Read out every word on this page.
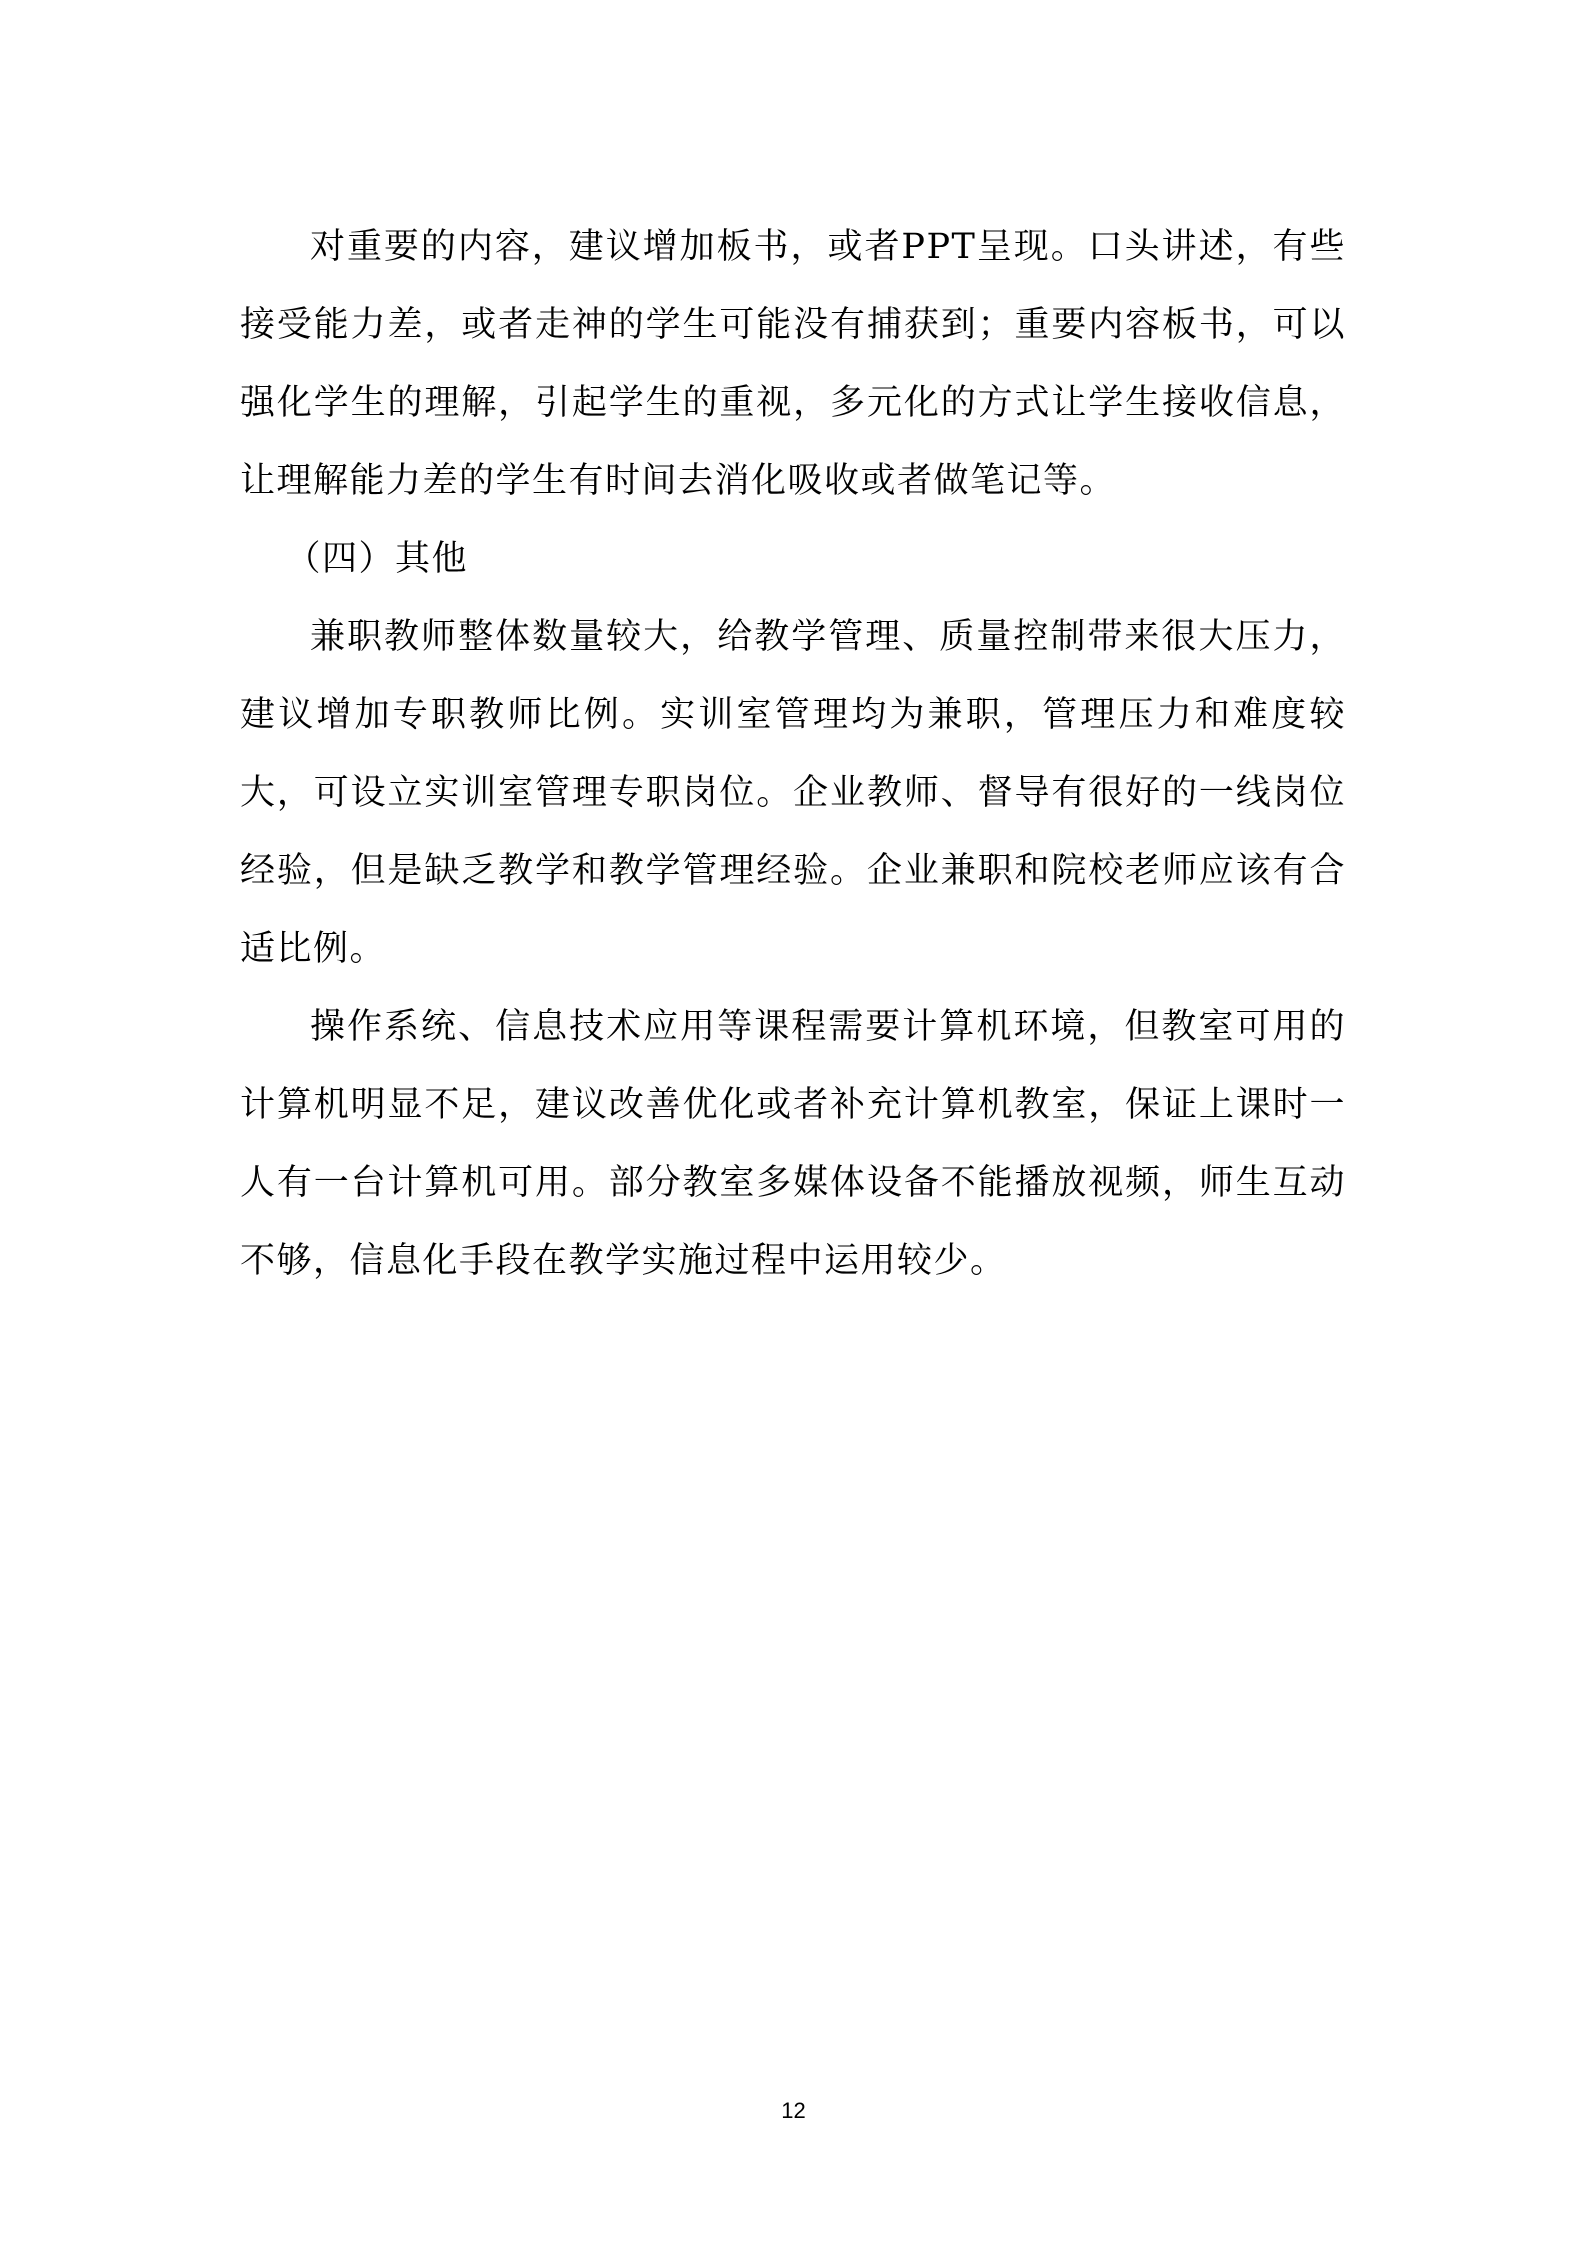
对重要的内容，建议增加板书，或者PPT呈现。口头讲述，有些接受能力差，或者走神的学生可能没有捕获到；重要内容板书，可以强化学生的理解，引起学生的重视，多元化的方式让学生接收信息，让理解能力差的学生有时间去消化吸收或者做笔记等。

（四）其他

兼职教师整体数量较大，给教学管理、质量控制带来很大压力，建议增加专职教师比例。实训室管理均为兼职，管理压力和难度较大，可设立实训室管理专职岗位。企业教师、督导有很好的一线岗位经验，但是缺乏教学和教学管理经验。企业兼职和院校老师应该有合适比例。

操作系统、信息技术应用等课程需要计算机环境，但教室可用的计算机明显不足，建议改善优化或者补充计算机教室，保证上课时一人有一台计算机可用。部分教室多媒体设备不能播放视频，师生互动不够，信息化手段在教学实施过程中运用较少。

12
